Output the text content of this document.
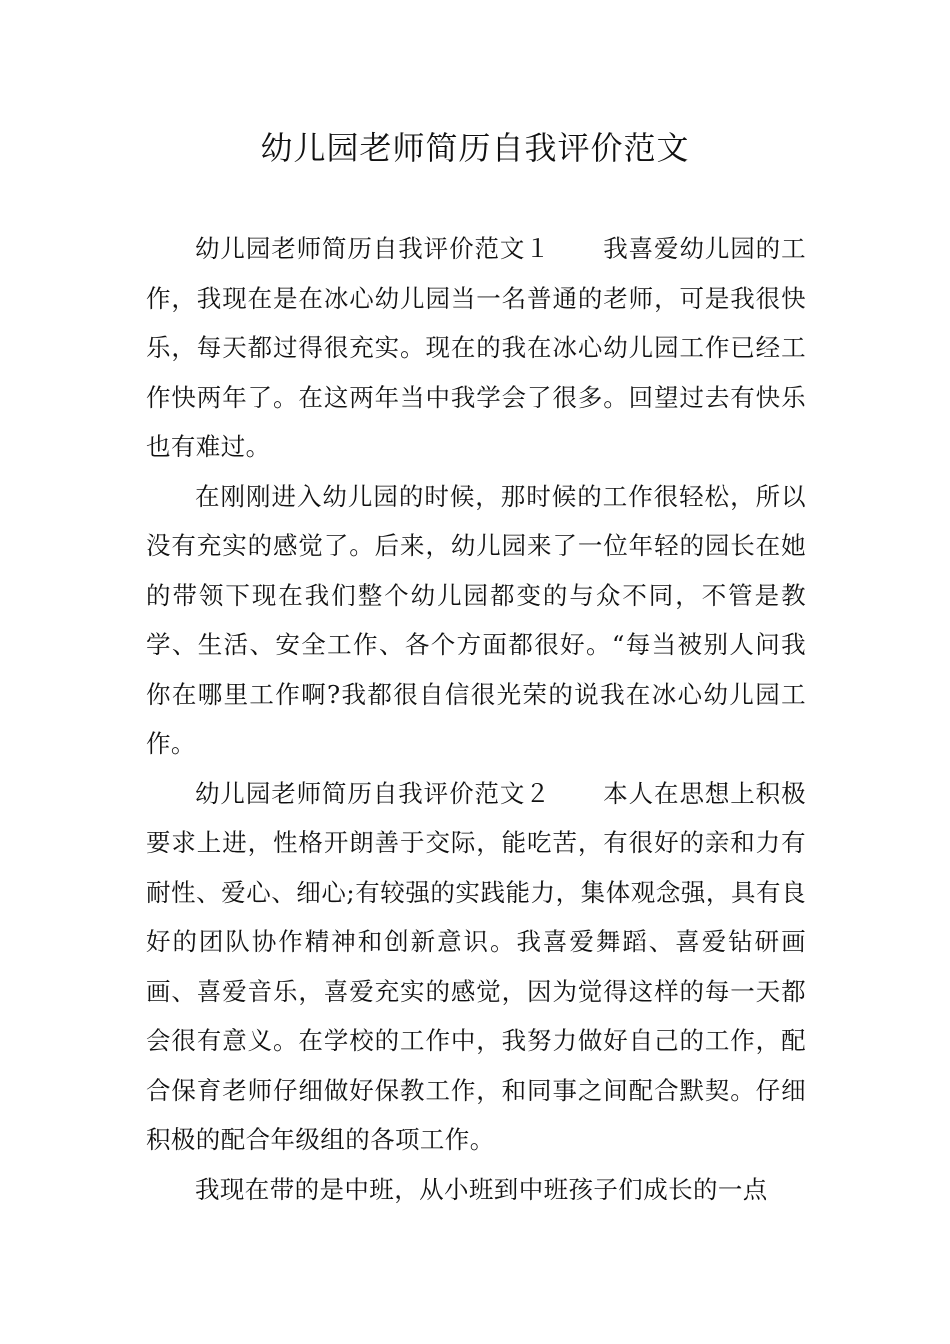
幼儿园老师简历自我评价范文

幼儿园老师简历自我评价范文１ 我喜爱幼儿园的工作，我现在是在冰心幼儿园当一名普通的老师，可是我很快乐，每天都过得很充实。现在的我在冰心幼儿园工作已经工作快两年了。在这两年当中我学会了很多。回望过去有快乐也有难过。

在刚刚进入幼儿园的时候，那时候的工作很轻松，所以没有充实的感觉了。后来，幼儿园来了一位年轻的园长在她的带领下现在我们整个幼儿园都变的与众不同，不管是教学、生活、安全工作、各个方面都很好。“每当被别人问我你在哪里工作啊?我都很自信很光荣的说我在冰心幼儿园工作。

幼儿园老师简历自我评价范文２ 本人在思想上积极要求上进，性格开朗善于交际，能吃苦，有很好的亲和力有耐性、爱心、细心;有较强的实践能力，集体观念强，具有良好的团队协作精神和创新意识。我喜爱舞蹈、喜爱钻研画画、喜爱音乐，喜爱充实的感觉，因为觉得这样的每一天都会很有意义。在学校的工作中，我努力做好自己的工作，配合保育老师仔细做好保教工作，和同事之间配合默契。仔细积极的配合年级组的各项工作。

我现在带的是中班，从小班到中班孩子们成长的一点
